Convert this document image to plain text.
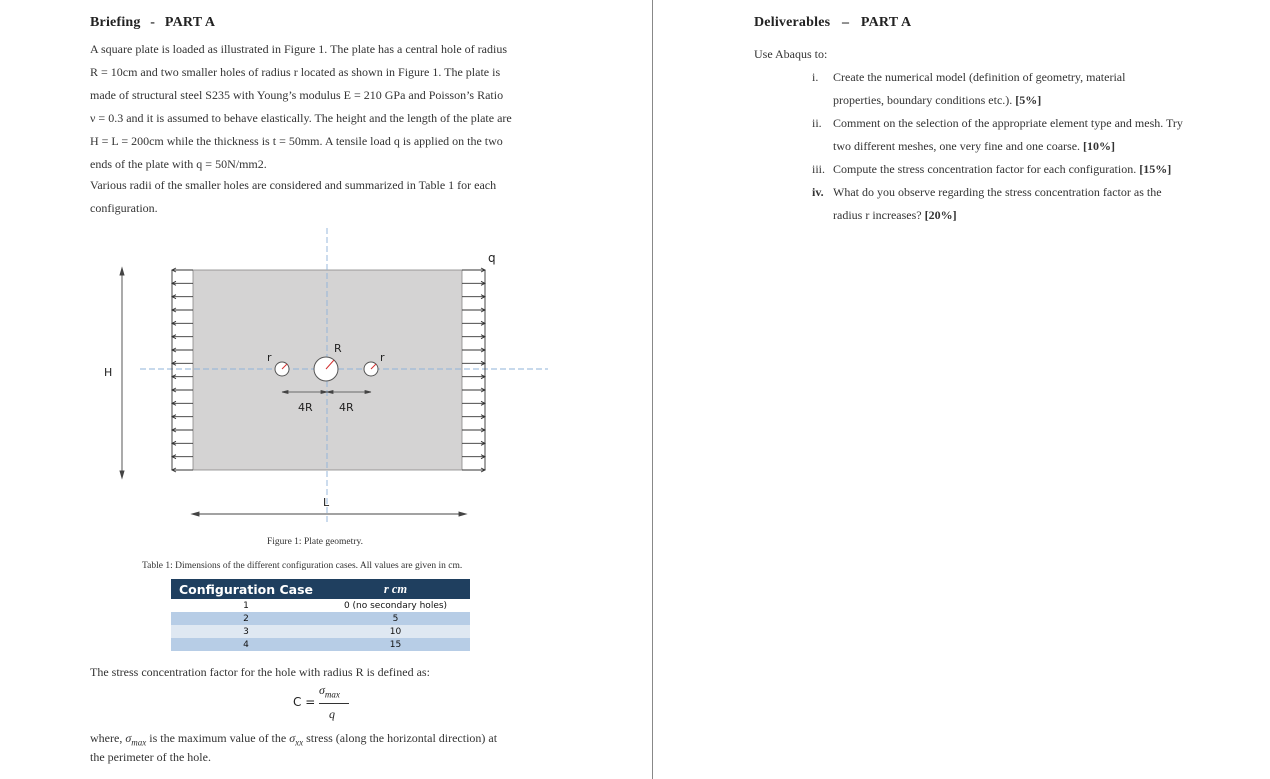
Briefing - PART A
A square plate is loaded as illustrated in Figure 1. The plate has a central hole of radius
R = 10cm and two smaller holes of radius r located as shown in Figure 1. The plate is
made of structural steel S235 with Young’s modulus E = 210 GPa and Poisson’s Ratio
ν = 0.3 and it is assumed to behave elastically. The height and the length of the plate are
H = L = 200cm while the thickness is t = 50mm. A tensile load q is applied on the two
ends of the plate with q = 50N/mm2.
Various radii of the smaller holes are considered and summarized in Table 1 for each
configuration.
q
H
L
R
r	r
4R 4R
Figure 1: Plate geometry.
Table 1: Dimensions of the different configuration cases. All values are given in cm.
Configuration Case	r cm
1	0 (no secondary holes)
2	5
3	10
4	15
The stress concentration factor for the hole with radius R is defined as:
C =
$\sigma_{max}$
q
where, $\sigma_{max}$ is the maximum value of the $\sigma_{xx}$ stress (along the horizontal direction) at
the perimeter of the hole.
Deliverables – PART A
Use Abaqus to:
i.	Create the numerical model (definition of geometry, material
properties, boundary conditions etc.). [5%]
ii. Comment on the selection of the appropriate element type and mesh. Try
two different meshes, one very fine and one coarse. [10%]
iii. Compute the stress concentration factor for each configuration. [15%]
iv. What do you observe regarding the stress concentration factor as the
radius r increases? [20%]
